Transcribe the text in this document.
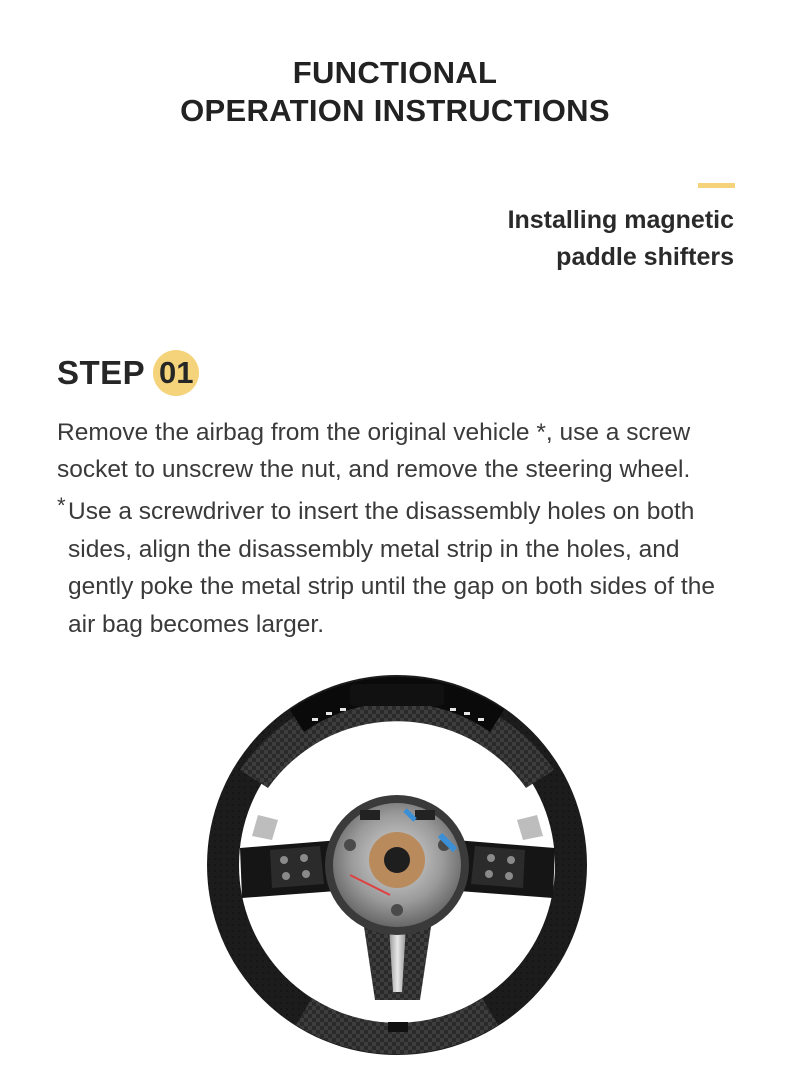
FUNCTIONAL
OPERATION INSTRUCTIONS
Installing magnetic
paddle shifters
STEP 01

Remove the airbag from the original vehicle *, use a screw socket to unscrew the nut, and remove the steering wheel.

* Use a screwdriver to insert the disassembly holes on both sides, align the disassembly metal strip in the holes, and gently poke the metal strip until the gap on both sides of the air bag becomes larger.
